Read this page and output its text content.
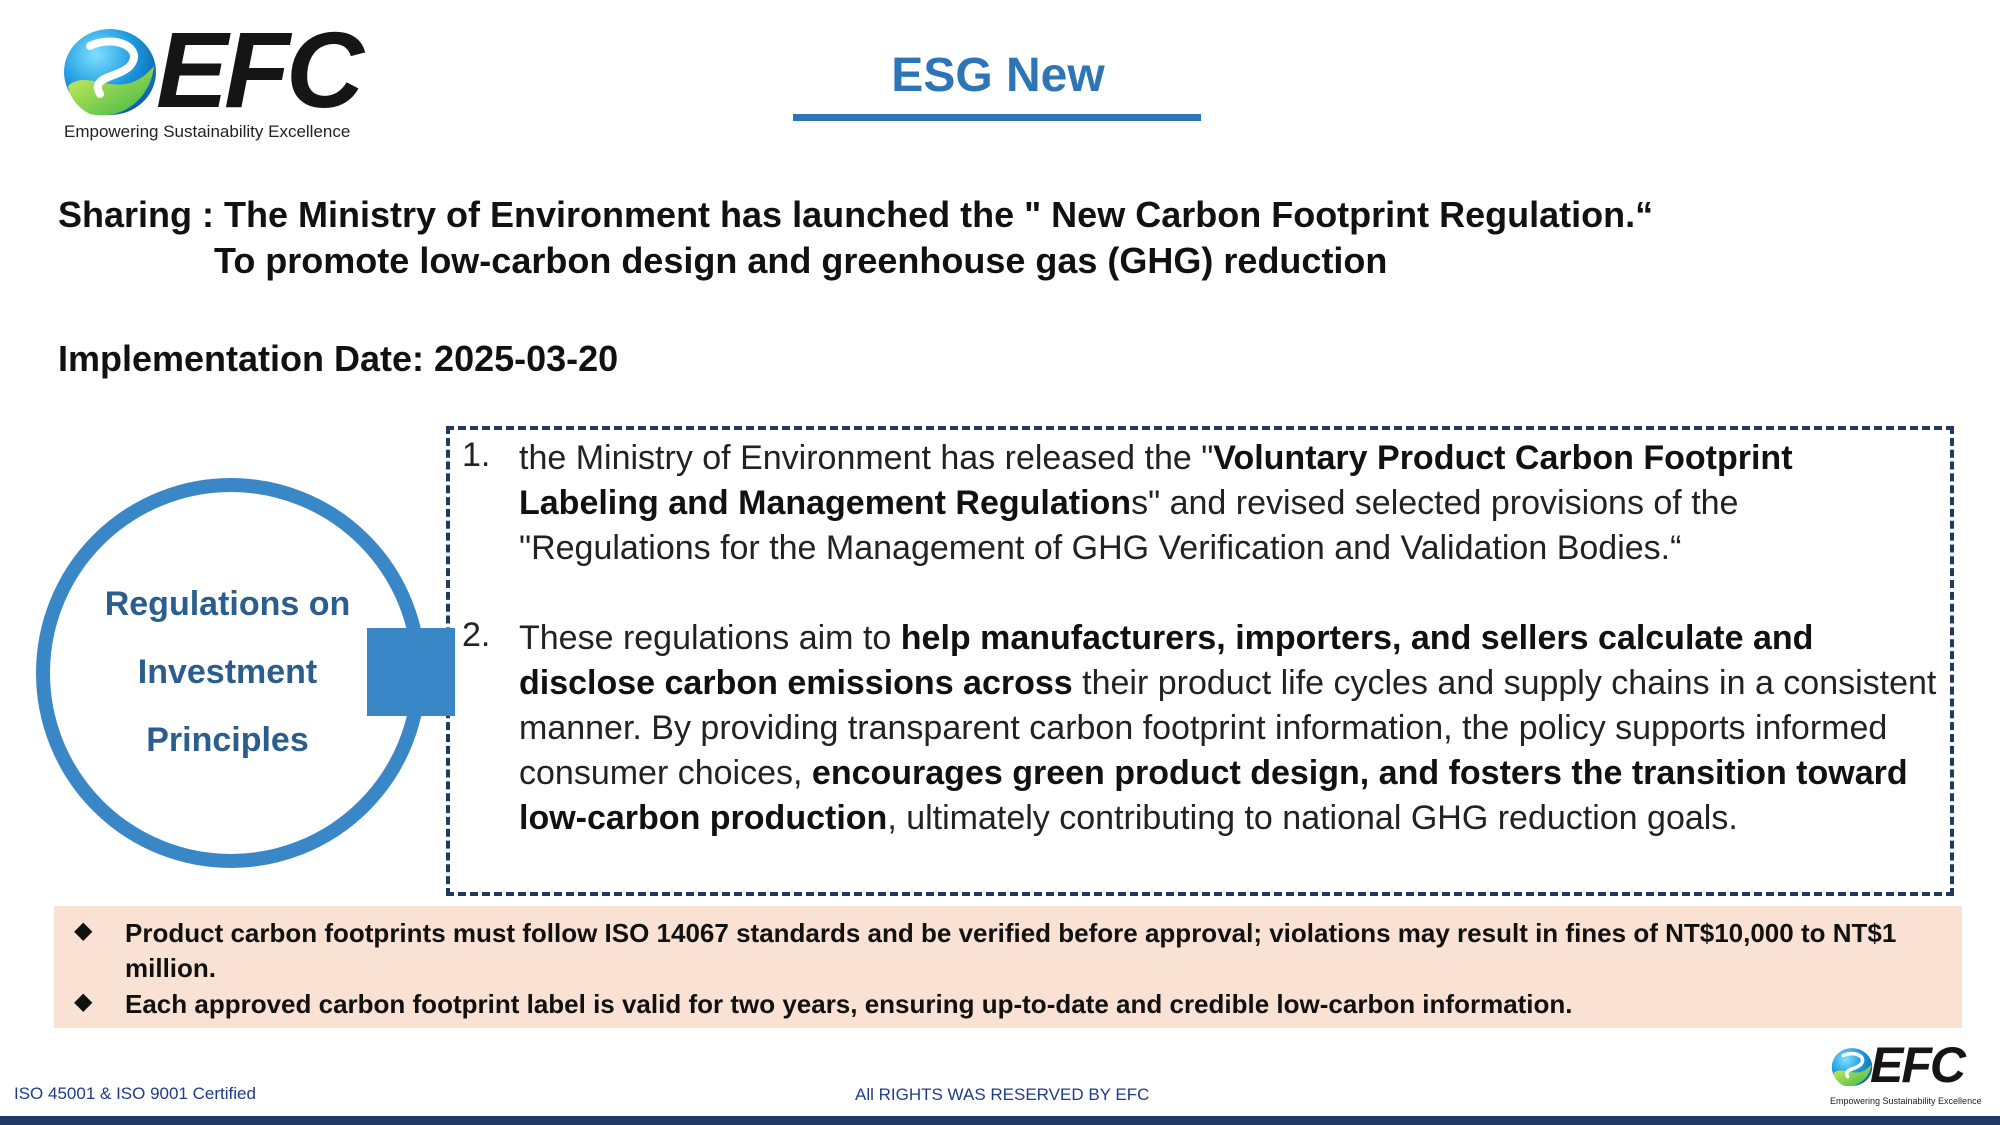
EFC
Empowering Sustainability Excellence
ESG New
Sharing : The Ministry of Environment has launched the " New Carbon Footprint Regulation.“
To promote low-carbon design and greenhouse gas (GHG) reduction
Implementation Date: 2025-03-20
Regulations on
Investment
Principles
1. the Ministry of Environment has released the "Voluntary Product Carbon Footprint Labeling and Management Regulations" and revised selected provisions of the "Regulations for the Management of GHG Verification and Validation Bodies.“
2. These regulations aim to help manufacturers, importers, and sellers calculate and disclose carbon emissions across their product life cycles and supply chains in a consistent manner. By providing transparent carbon footprint information, the policy supports informed consumer choices, encourages green product design, and fosters the transition toward low-carbon production, ultimately contributing to national GHG reduction goals.
◆ Product carbon footprints must follow ISO 14067 standards and be verified before approval; violations may result in fines of NT$10,000 to NT$1 million.
◆ Each approved carbon footprint label is valid for two years, ensuring up-to-date and credible low-carbon information.
ISO 45001 & ISO 9001 Certified	All RIGHTS WAS RESERVED BY EFC
EFC
Empowering Sustainability Excellence
